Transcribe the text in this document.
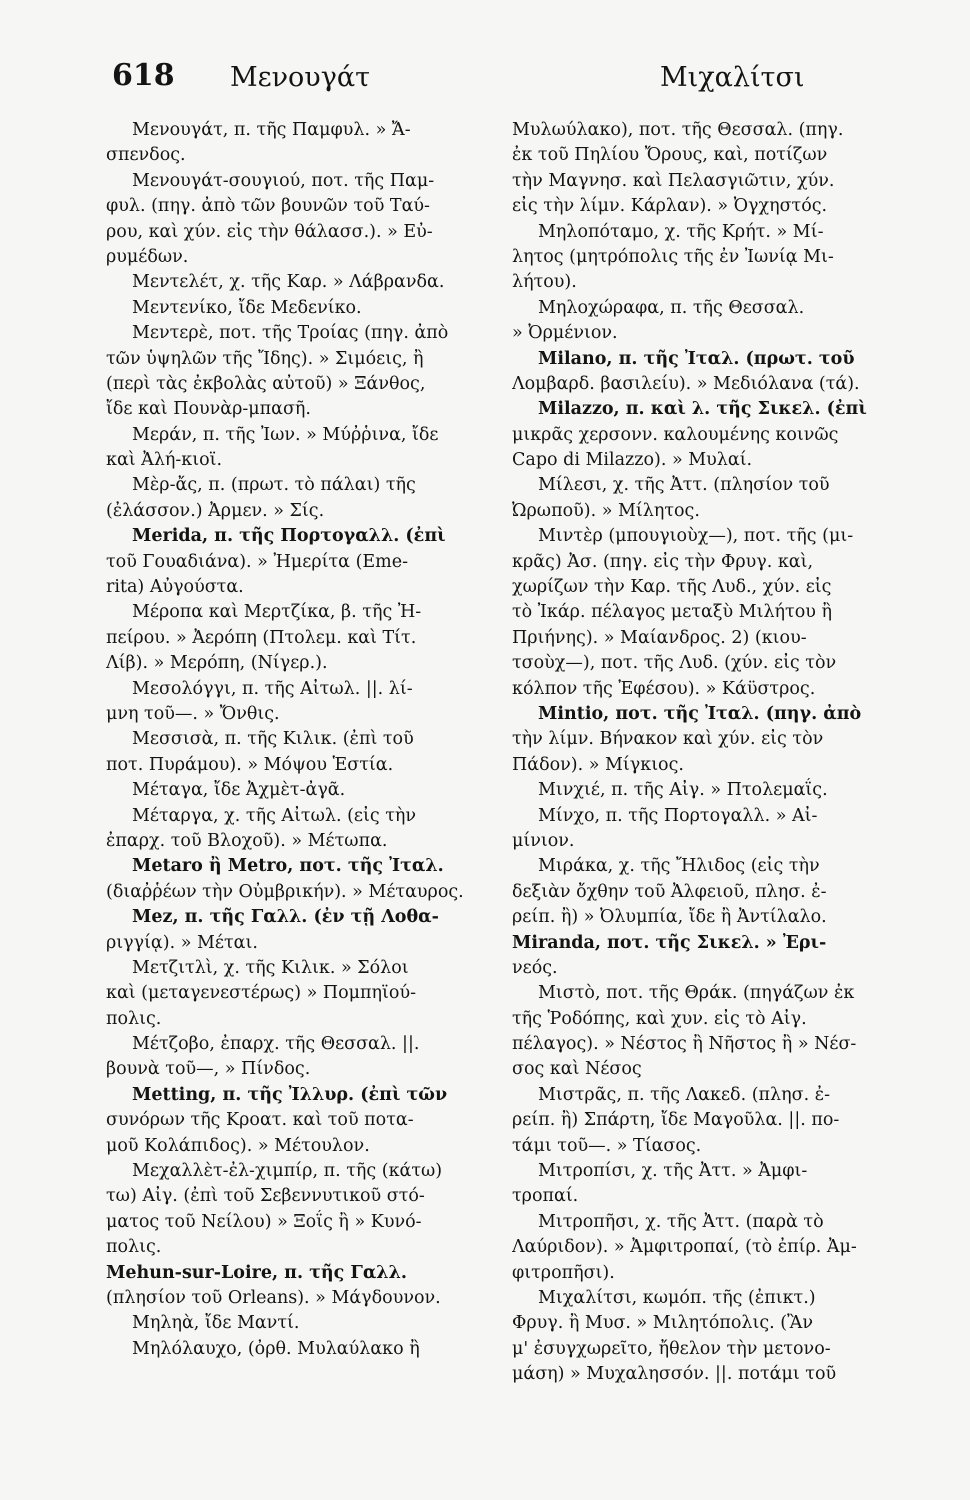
618 Μενουγάτ	Μιχαλίτσι
Μενουγάτ, π. τῆς Παμφυλ. » Ἄ-
σπενδος.
Μενουγάτ-σουγιού, ποτ. τῆς Παμ-
φυλ. (πηγ. ἀπὸ τῶν βουνῶν τοῦ Ταύ-
ρου, καὶ χύν. εἰς τὴν θάλασσ.). » Εὐ-
ρυμέδων.
Μεντελέτ, χ. τῆς Καρ. » Λάβρανδα.
Μεντενίκο, ἴδε Μεδενίκο.
Μεντερὲ, ποτ. τῆς Τροίας (πηγ. ἀπὸ
τῶν ὑψηλῶν τῆς Ἴδης). » Σιμόεις, ἢ
(περὶ τὰς ἐκβολὰς αὐτοῦ) » Ξάνθος,
ἴδε καὶ Πουνὰρ-μπασῆ.
Μεράν, π. τῆς Ἰων. » Μύῤῥινα, ἴδε
καὶ Ἀλή-κιοϊ.
Μὲρ-ἄς, π. (πρωτ. τὸ πάλαι) τῆς
(ἐλάσσον.) Ἀρμεν. » Σίς.
Merida, π. τῆς Πορτογαλλ. (ἐπὶ
τοῦ Γουαδιάνα). » Ἠμερίτα (Eme-
rita) Αὐγούστα.
Μέροπα καὶ Μερτζίκα, β. τῆς Ἠ-
πείρου. » Ἀερόπη (Πτολεμ. καὶ Τίτ.
Λίβ). » Μερόπη, (Νίγερ.).
Μεσολόγγι, π. τῆς Αἰτωλ. ||. λί-
μνη τοῦ—. » Ὄνθις.
Μεσσισὰ, π. τῆς Κιλικ. (ἐπὶ τοῦ
ποτ. Πυράμου). » Μόψου Ἑστία.
Μέταγα, ἴδε Ἀχμὲτ-ἀγᾶ.
Μέταργα, χ. τῆς Αἰτωλ. (εἰς τὴν
ἐπαρχ. τοῦ Βλοχοῦ). » Μέτωπα.
Metaro ἢ Metro, ποτ. τῆς Ἰταλ.
(διαῤῥέων τὴν Οὐμβρικήν). » Μέταυρος.
Mez, π. τῆς Γαλλ. (ἐν τῇ Λοθα-
ριγγίᾳ). » Μέται.
Μετζιτλὶ, χ. τῆς Κιλικ. » Σόλοι
καὶ (μεταγενεστέρως) » Πομπηϊού-
πολις.
Μέτζοβο, ἐπαρχ. τῆς Θεσσαλ. ||.
βουνὰ τοῦ—, » Πίνδος.
Metting, π. τῆς Ἰλλυρ. (ἐπὶ τῶν
συνόρων τῆς Κροατ. καὶ τοῦ ποτα-
μοῦ Κολάπιδος). » Μέτουλον.
Μεχαλλὲτ-ἐλ-χιμπίρ, π. τῆς (κάτω)
τω) Αἰγ. (ἐπὶ τοῦ Σεβεννυτικοῦ στό-
ματος τοῦ Νείλου) » Ξοΐς ἢ » Κυνό-
πολις.
Mehun-sur-Loire, π. τῆς Γαλλ.
(πλησίον τοῦ Orleans). » Μάγδουνον.
Μηληὰ, ἴδε Μαντί.
Μηλόλαυχο, (ὀρθ. Μυλαύλακο ἢ
Μυλωύλακο), ποτ. τῆς Θεσσαλ. (πηγ.
ἐκ τοῦ Πηλίου Ὄρους, καὶ, ποτίζων
τὴν Μαγνησ. καὶ Πελασγιῶτιν, χύν.
εἰς τὴν λίμν. Κάρλαν). » Ὀγχηστός.
Μηλοπόταμο, χ. τῆς Κρήτ. » Μί-
λητος (μητρόπολις τῆς ἐν Ἰωνίᾳ Μι-
λήτου).
Μηλοχώραφα, π. τῆς Θεσσαλ.
» Ὀρμένιον.
Milano, π. τῆς Ἰταλ. (πρωτ. τοῦ
Λομβαρδ. βασιλείυ). » Μεδιόλανα (τά).
Milazzo, π. καὶ λ. τῆς Σικελ. (ἐπὶ
μικρᾶς χερσονν. καλουμένης κοινῶς
Capo di Milazzo). » Μυλαί.
Μίλεσι, χ. τῆς Ἀττ. (πλησίον τοῦ
Ὠρωποῦ). » Μίλητος.
Μιντὲρ (μπουγιοὺχ—), ποτ. τῆς (μι-
κρᾶς) Ἀσ. (πηγ. εἰς τὴν Φρυγ. καὶ,
χωρίζων τὴν Καρ. τῆς Λυδ., χύν. εἰς
τὸ Ἰκάρ. πέλαγος μεταξὺ Μιλήτου ἢ
Πριήνης). » Μαίανδρος. 2) (κιου-
τσοὺχ—), ποτ. τῆς Λυδ. (χύν. εἰς τὸν
κόλπον τῆς Ἐφέσου). » Κάϋστρος.
Mintio, ποτ. τῆς Ἰταλ. (πηγ. ἀπὸ
τὴν λίμν. Βήνακον καὶ χύν. εἰς τὸν
Πάδον). » Μίγκιος.
Μινχιέ, π. τῆς Αἰγ. » Πτολεμαΐς.
Μίνχο, π. τῆς Πορτογαλλ. » Αἰ-
μίνιον.
Μιράκα, χ. τῆς Ἤλιδος (εἰς τὴν
δεξιὰν ὄχθην τοῦ Ἀλφειοῦ, πλησ. ἐ-
ρείπ. ἢ) » Ὀλυμπία, ἴδε ἢ Ἀντίλαλο.
Miranda, ποτ. τῆς Σικελ. » Ἐρι-
νεός.
Μιστὸ, ποτ. τῆς Θράκ. (πηγάζων ἐκ
τῆς Ῥοδόπης, καὶ χυν. εἰς τὸ Αἰγ.
πέλαγος). » Νέστος ἢ Νῆστος ἢ » Νέσ-
σος καὶ Νέσος
Μιστρᾶς, π. τῆς Λακεδ. (πλησ. ἐ-
ρείπ. ἢ) Σπάρτη, ἴδε Μαγοῦλα. ||. πο-
τάμι τοῦ—. » Τίασος.
Μιτροπίσι, χ. τῆς Ἀττ. » Ἀμφι-
τροπαί.
Μιτροπῆσι, χ. τῆς Ἀττ. (παρὰ τὸ
Λαύριδον). » Ἀμφιτροπαί, (τὸ ἐπίρ. Ἀμ-
φιτροπῆσι).
Μιχαλίτσι, κωμόπ. τῆς (ἐπικτ.)
Φρυγ. ἢ Μυσ. » Μιλητόπολις. (Ἂν
μ' ἐσυγχωρεῖτο, ἤθελον τὴν μετονο-
μάση) » Μυχαλησσόν. ||. ποτάμι τοῦ
